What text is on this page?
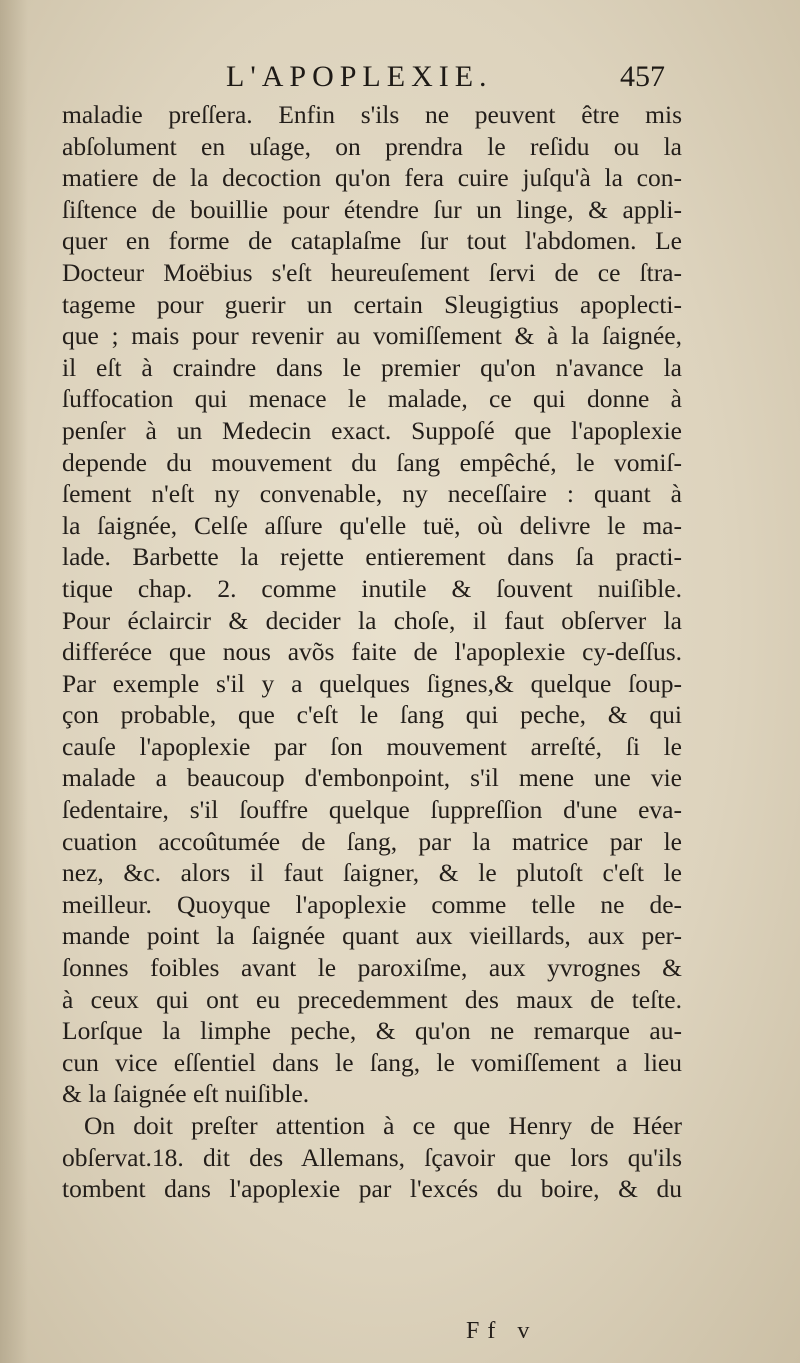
L'APOPLEXIE.	457
maladie preſſera. Enfin s'ils ne peuvent être mis
abſolument en uſage, on prendra le reſidu ou la
matiere de la decoction qu'on fera cuire juſqu'à la con-
ſiſtence de bouillie pour étendre ſur un linge, & appli-
quer en forme de cataplaſme ſur tout l'abdomen. Le
Docteur Moëbius s'eſt heureuſement ſervi de ce ſtra-
tageme pour guerir un certain Sleugigtius apoplecti-
que ; mais pour revenir au vomiſſement & à la ſaignée,
il eſt à craindre dans le premier qu'on n'avance la
ſuffocation qui menace le malade, ce qui donne à
penſer à un Medecin exact. Suppoſé que l'apoplexie
depende du mouvement du ſang empêché, le vomiſ-
ſement n'eſt ny convenable, ny neceſſaire : quant à
la ſaignée, Celſe aſſure qu'elle tuë, où delivre le ma-
lade. Barbette la rejette entierement dans ſa practi-
tique chap. 2. comme inutile & ſouvent nuiſible.
Pour éclaircir & decider la choſe, il faut obſerver la
differéce que nous avõs faite de l'apoplexie cy-deſſus.
Par exemple s'il y a quelques ſignes,& quelque ſoup-
çon probable, que c'eſt le ſang qui peche, & qui
cauſe l'apoplexie par ſon mouvement arreſté, ſi le
malade a beaucoup d'embonpoint, s'il mene une vie
ſedentaire, s'il ſouffre quelque ſuppreſſion d'une eva-
cuation accoûtumée de ſang, par la matrice par le
nez, &c. alors il faut ſaigner, & le plutoſt c'eſt le
meilleur. Quoyque l'apoplexie comme telle ne de-
mande point la ſaignée quant aux vieillards, aux per-
ſonnes foibles avant le paroxiſme, aux yvrognes &
à ceux qui ont eu precedemment des maux de teſte.
Lorſque la limphe peche, & qu'on ne remarque au-
cun vice eſſentiel dans le ſang, le vomiſſement a lieu
& la ſaignée eſt nuiſible.
On doit preſter attention à ce que Henry de Héer
obſervat.18. dit des Allemans, ſçavoir que lors qu'ils
tombent dans l'apoplexie par l'excés du boire, & du
Ff v
